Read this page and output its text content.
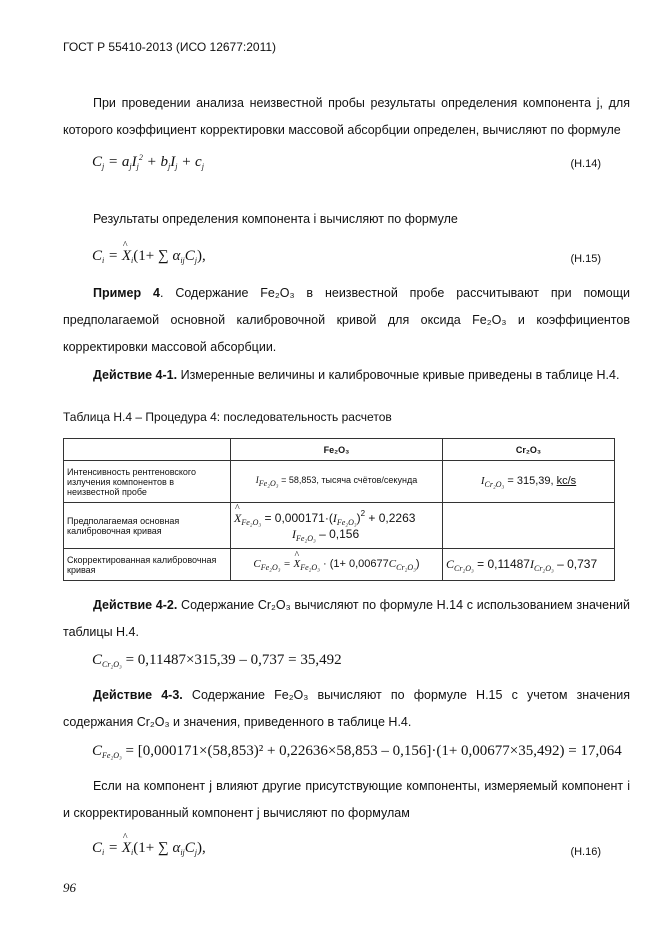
ГОСТ Р 55410-2013 (ИСО 12677:2011)
При проведении анализа неизвестной пробы результаты определения компонента j, для которого коэффициент корректировки массовой абсорбции определен, вычисляют по формуле
$C_j = a_jI_j^2 + b_jI_j + c_j$	(Н.14)
Результаты определения компонента i вычисляют по формуле
$C_i$ = ^ $X_i(1+$ ∑ $\alpha_{ij}C_j$),	(Н.15)
Пример 4. Содержание Fe₂O₃ в неизвестной пробе рассчитывают при помощи предполагаемой основной калибровочной кривой для оксида Fe₂O₃ и коэффициентов корректировки массовой абсорбции.
Действие 4-1. Измеренные величины и калибровочные кривые приведены в таблице Н.4.
Таблица Н.4 – Процедура 4: последовательность расчетов
	Fe₂O₃	Cr₂O₃
Интенсивность рентгеновского излучения компонентов в неизвестной пробе	$I_{Fe_2O_3} = 58,853$, тысяча счётов/секунда	$I_{Cr_2O_3} = 315,39$, kc/s
Предполагаемая основная калибровочная кривая	^ $X_{Fe_2O_3} = 0,000171\cdot(I_{Fe_2O_3})^2 + 0,2263$
$I_{Fe_2O_3} - 0,156$	
Скорректированная калибровочная кривая	$C_{Fe_2O_3}$ = ^ $X_{Fe_2O_3} \cdot (1+ 0,00677C_{Cr_2O_3})$	$C_{Cr_2O_3} = 0,11487I_{Cr_2O_3} - 0,737$
Действие 4-2. Содержание Cr₂O₃ вычисляют по формуле Н.14 с использованием значений таблицы Н.4.
$C_{Cr_2O_3} = 0,11487\times 315,39 - 0,737 = 35,492$
Действие 4-3. Содержание Fe₂O₃ вычисляют по формуле Н.15 с учетом значения содержания Cr₂O₃ и значения, приведенного в таблице Н.4.
$C_{Fe_2O_3} = [0,000171\times(58,853)^2 + 0,22636\times 58,853 - 0,156]\cdot(1+ 0,00677\times 35,492) = 17,064$
Если на компонент j влияют другие присутствующие компоненты, измеряемый компонент i и скорректированный компонент j вычисляют по формулам
$C_i$ = ^ $X_i(1+$ ∑ $\alpha_{ij}C_j$),	(Н.16)
96
